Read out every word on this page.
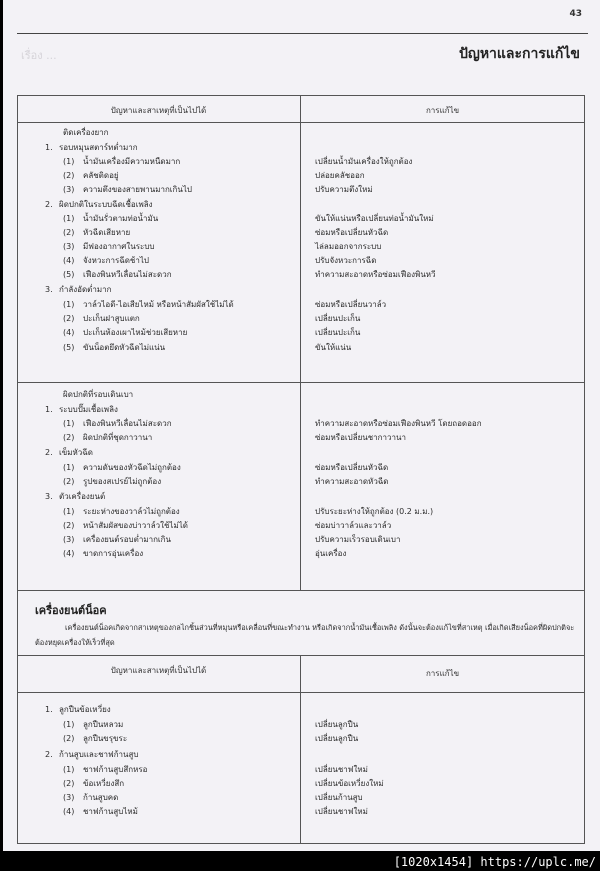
43
เรื่อง ...	ปัญหาและการแก้ไข
ปัญหาและสาเหตุที่เป็นไปได้	การแก้ไข
ติดเครื่องยาก
1. รอบหมุนสตาร์ทต่ำมาก
(1) น้ำมันเครื่องมีความหนืดมาก	เปลี่ยนน้ำมันเครื่องให้ถูกต้อง
(2) คลัชติดอยู่	ปล่อยคลัชออก
(3) ความตึงของสายพานมากเกินไป	ปรับความตึงใหม่
2. ผิดปกติในระบบฉีดเชื้อเพลิง
(1) น้ำมันรั่วตามท่อน้ำมัน	ขันให้แน่นหรือเปลี่ยนท่อน้ำมันใหม่
(2) หัวฉีดเสียหาย	ซ่อมหรือเปลี่ยนหัวฉีด
(3) มีฟองอากาศในระบบ	ไล่ลมออกจากระบบ
(4) จังหวะการฉีดช้าไป	ปรับจังหวะการฉีด
(5) เฟืองพินหวีเลื่อนไม่สะดวก	ทำความสะอาดหรือซ่อมเฟืองพินหวี
3. กำลังอัดต่ำมาก
(1) วาล์วไอดี-ไอเสียไหม้ หรือหน้าสัมผัสใช้ไม่ได้	ซ่อมหรือเปลี่ยนวาล์ว
(2) ปะเก็นฝาสูบแตก	เปลี่ยนปะเก็น
(4) ปะเก็นห้องเผาไหม้ช่วยเสียหาย	เปลี่ยนปะเก็น
(5) ขันน็อตยึดหัวฉีดไม่แน่น	ขันให้แน่น
ผิดปกติที่รอบเดินเบา
1. ระบบปั๊มเชื้อเพลิง
(1) เฟืองพินหวีเลื่อนไม่สะดวก	ทำความสะอาดหรือซ่อมเฟืองพินหวี โดยถอดออก
(2) ผิดปกติที่ชุดกาวานา	ซ่อมหรือเปลี่ยนชากาวานา
2. เข็มหัวฉีด
(1) ความดันของหัวฉีดไม่ถูกต้อง	ซ่อมหรือเปลี่ยนหัวฉีด
(2) รูปของสเปรย์ไม่ถูกต้อง	ทำความสะอาดหัวฉีด
3. ตัวเครื่องยนต์
(1) ระยะห่างของวาล์วไม่ถูกต้อง	ปรับระยะห่างให้ถูกต้อง (0.2 ม.ม.)
(2) หน้าสัมผัสของบ่าวาล์วใช้ไม่ได้	ซ่อมบ่าวาล์วและวาล์ว
(3) เครื่องยนต์รอบต่ำมากเกิน	ปรับความเร็วรอบเดินเบา
(4) ขาดการอุ่นเครื่อง	อุ่นเครื่อง
เครื่องยนต์น็อค
เครื่องยนต์น็อคเกิดจากสาเหตุของกลไกชิ้นส่วนที่หมุนหรือเคลื่อนที่ขณะทำงาน หรือเกิดจากน้ำมันเชื้อเพลิง ดังนั้นจะต้องแก้ไขที่สาเหตุ เมื่อเกิดเสียงน็อคที่ผิดปกติจะต้องหยุดเครื่องให้เร็วที่สุด
ปัญหาและสาเหตุที่เป็นไปได้	การแก้ไข
1. ลูกปืนข้อเหวี่ยง
(1) ลูกปืนหลวม	เปลี่ยนลูกปืน
(2) ลูกปืนขรุขระ	เปลี่ยนลูกปืน
2. ก้านสูบและชาฟก้านสูบ
(1) ชาฟก้านสูบสึกหรอ	เปลี่ยนชาฟใหม่
(2) ข้อเหวี่ยงสึก	เปลี่ยนข้อเหวี่ยงใหม่
(3) ก้านสูบคด	เปลี่ยนก้านสูบ
(4) ชาฟก้านสูบไหม้	เปลี่ยนชาฟใหม่
[1020x1454] https://uplc.me/
